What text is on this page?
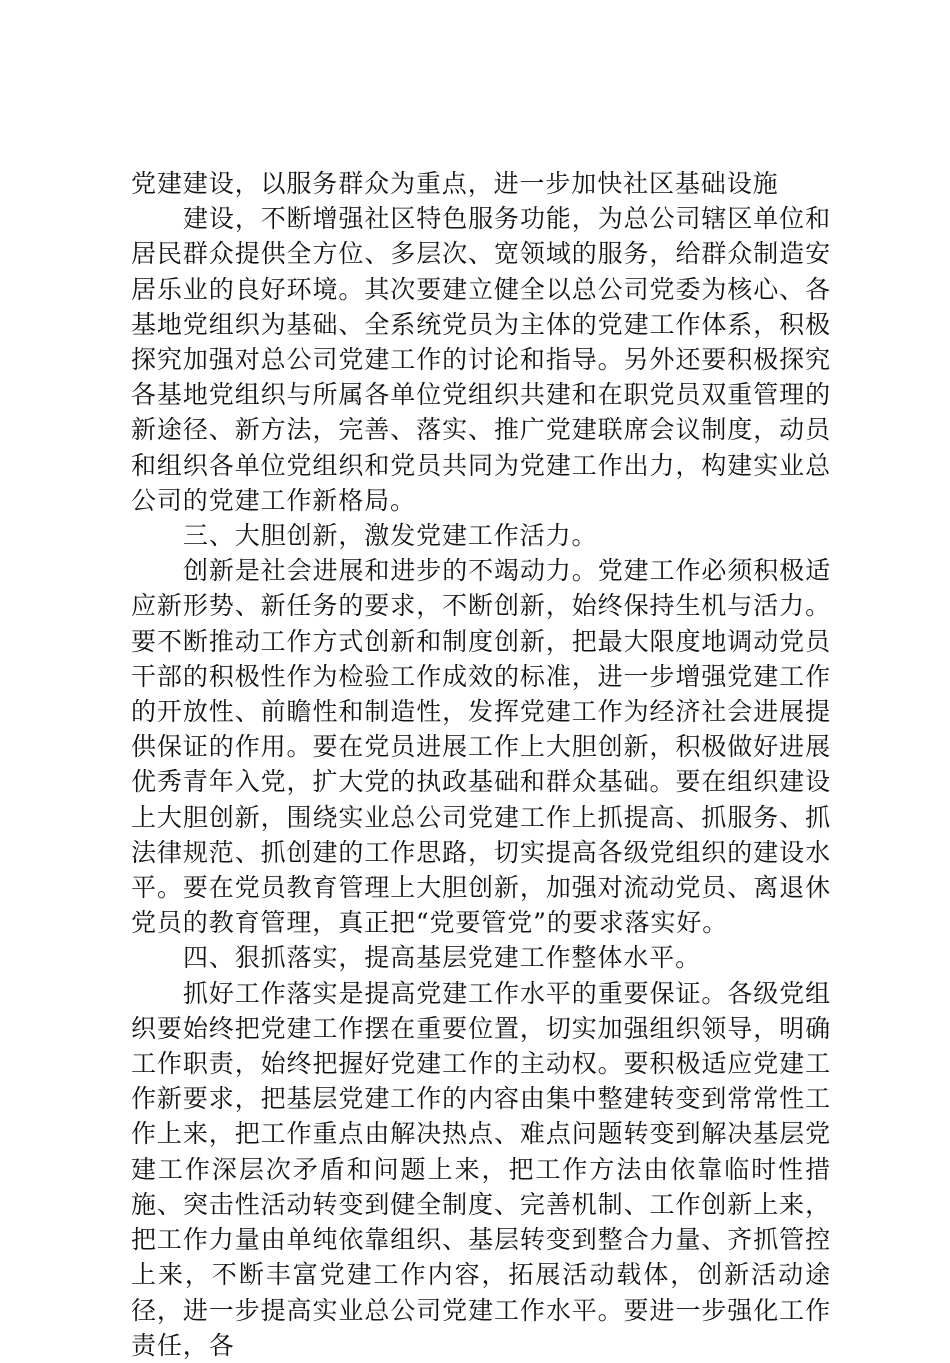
党建建设，以服务群众为重点，进一步加快社区基础设施

建设，不断增强社区特色服务功能，为总公司辖区单位和居民群众提供全方位、多层次、宽领域的服务，给群众制造安居乐业的良好环境。其次要建立健全以总公司党委为核心、各基地党组织为基础、全系统党员为主体的党建工作体系，积极探究加强对总公司党建工作的讨论和指导。另外还要积极探究各基地党组织与所属各单位党组织共建和在职党员双重管理的新途径、新方法，完善、落实、推广党建联席会议制度，动员和组织各单位党组织和党员共同为党建工作出力，构建实业总公司的党建工作新格局。

三、大胆创新，激发党建工作活力。

创新是社会进展和进步的不竭动力。党建工作必须积极适应新形势、新任务的要求，不断创新，始终保持生机与活力。要不断推动工作方式创新和制度创新，把最大限度地调动党员干部的积极性作为检验工作成效的标准，进一步增强党建工作的开放性、前瞻性和制造性，发挥党建工作为经济社会进展提供保证的作用。要在党员进展工作上大胆创新，积极做好进展优秀青年入党，扩大党的执政基础和群众基础。要在组织建设上大胆创新，围绕实业总公司党建工作上抓提高、抓服务、抓法律规范、抓创建的工作思路，切实提高各级党组织的建设水平。要在党员教育管理上大胆创新，加强对流动党员、离退休党员的教育管理，真正把“党要管党”的要求落实好。

四、狠抓落实，提高基层党建工作整体水平。

抓好工作落实是提高党建工作水平的重要保证。各级党组织要始终把党建工作摆在重要位置，切实加强组织领导，明确工作职责，始终把握好党建工作的主动权。要积极适应党建工作新要求，把基层党建工作的内容由集中整建转变到常常性工作上来，把工作重点由解决热点、难点问题转变到解决基层党建工作深层次矛盾和问题上来，把工作方法由依靠临时性措施、突击性活动转变到健全制度、完善机制、工作创新上来，把工作力量由单纯依靠组织、基层转变到整合力量、齐抓管控上来，不断丰富党建工作内容，拓展活动载体，创新活动途径，进一步提高实业总公司党建工作水平。要进一步强化工作责任，各
